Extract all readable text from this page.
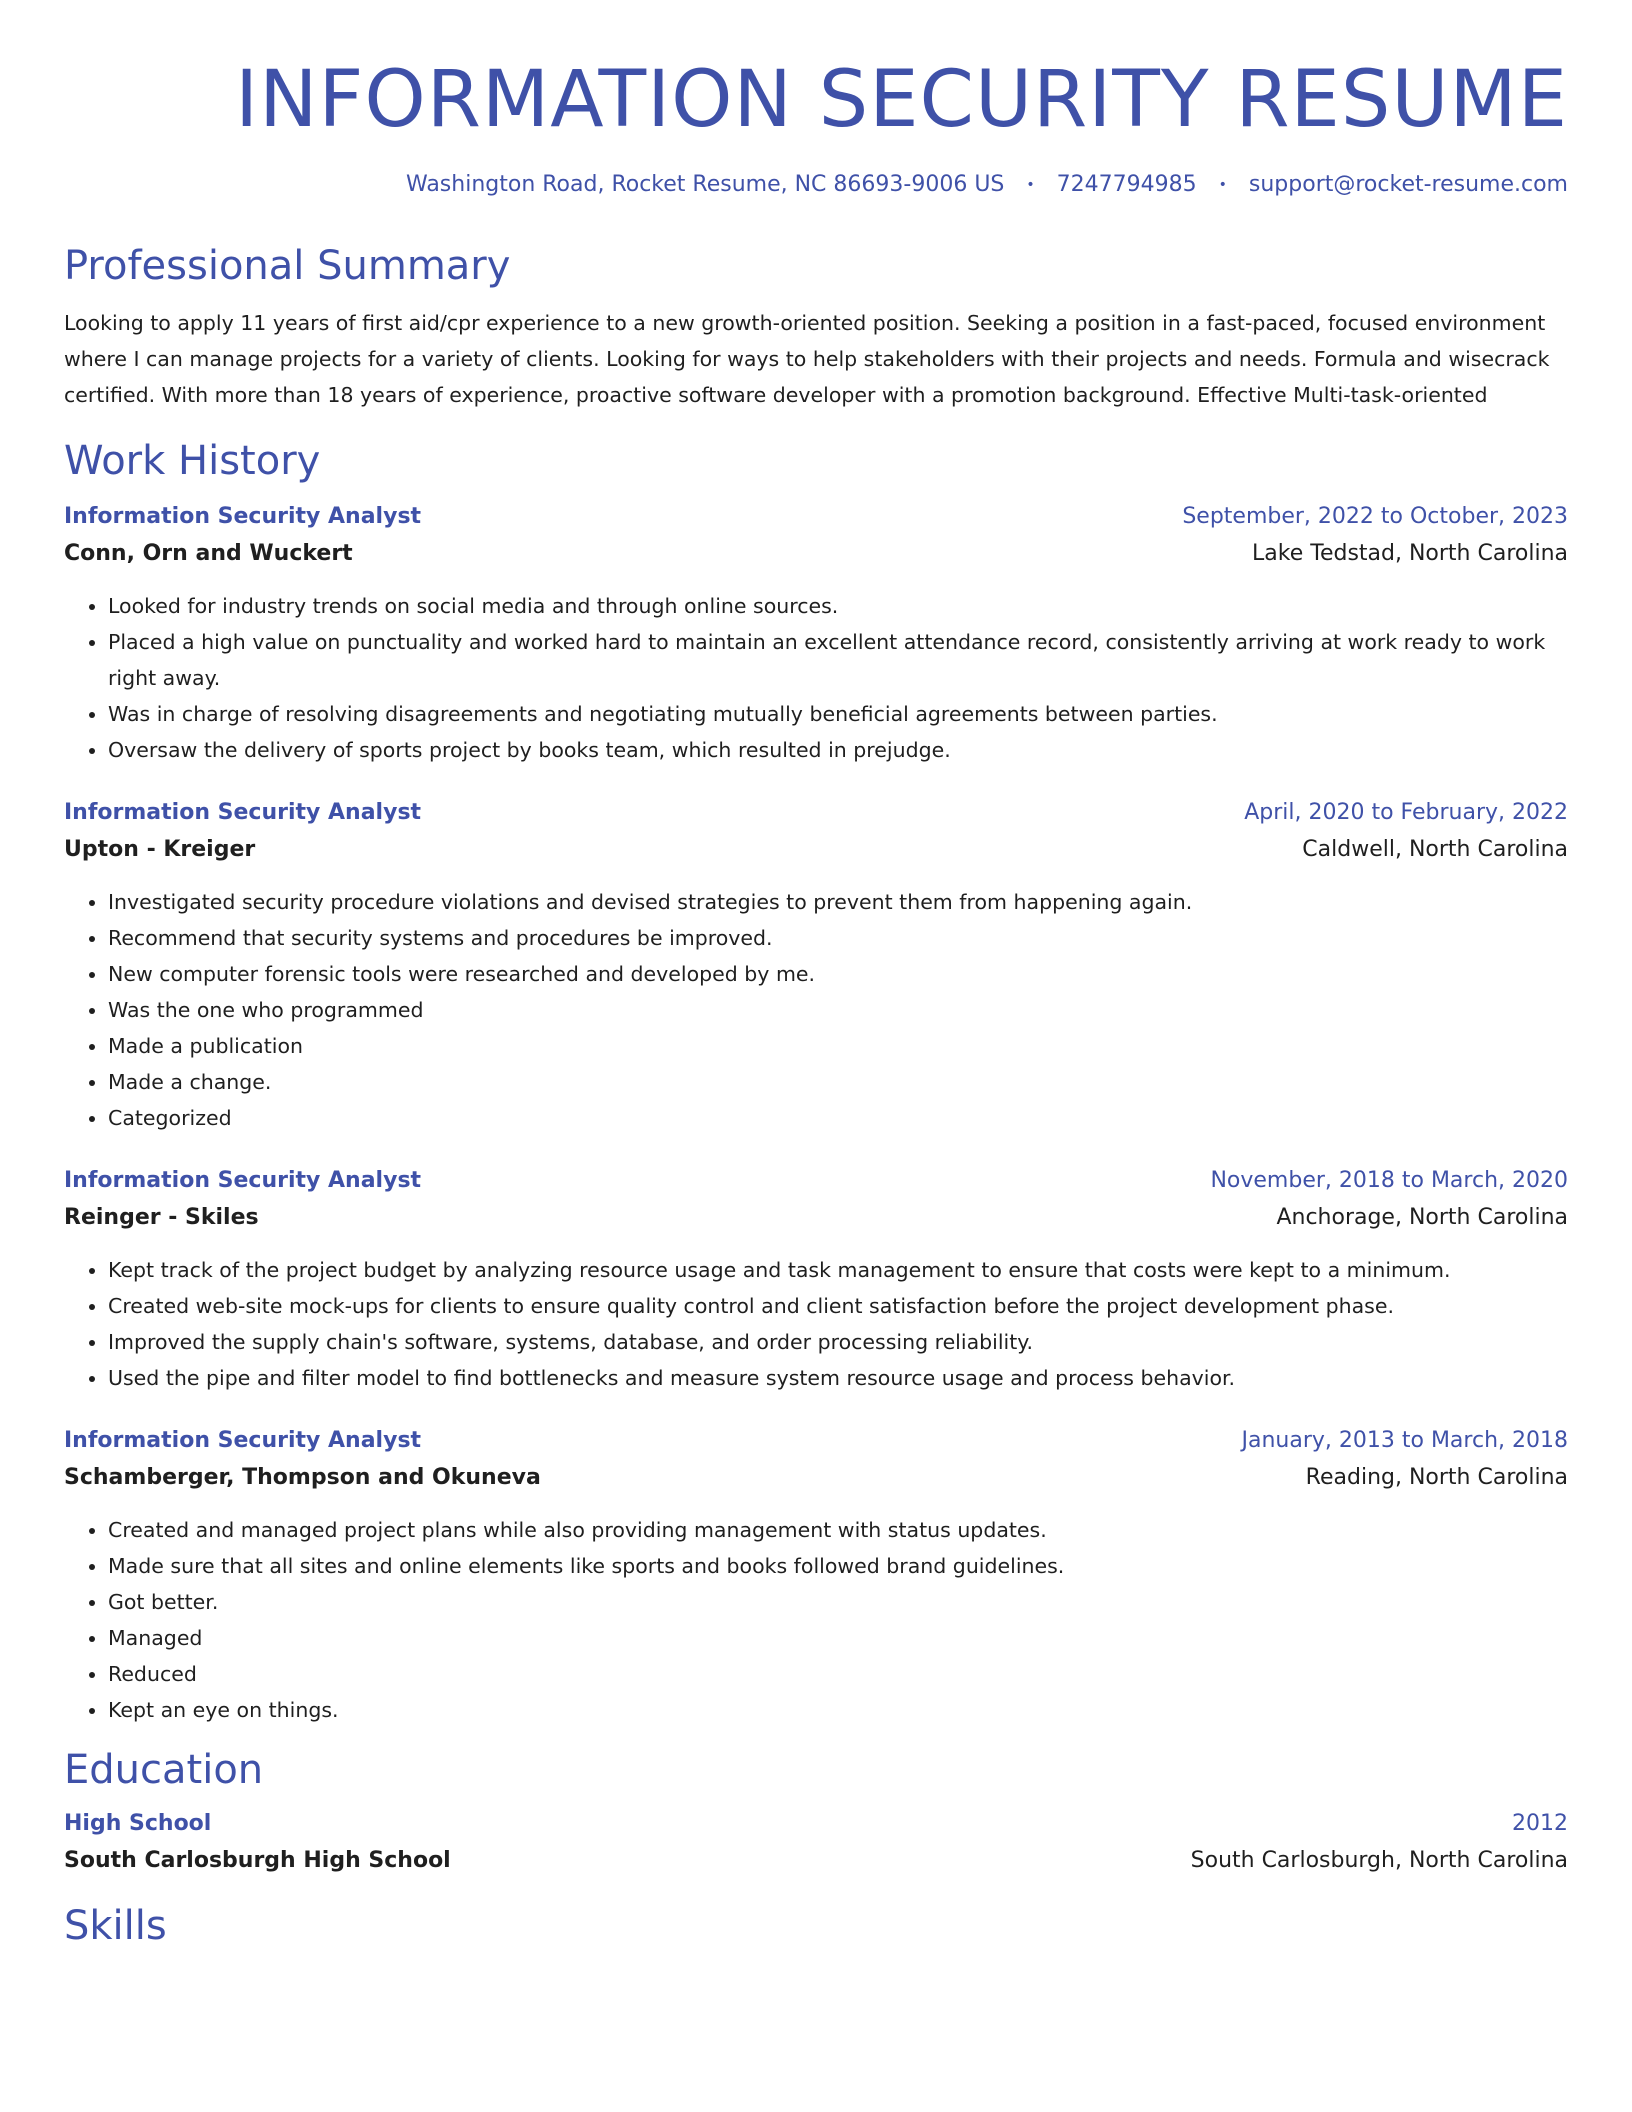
INFORMATION SECURITY RESUME
Washington Road, Rocket Resume, NC 86693-9006 US • 7247794985 • support@rocket-resume.com
Professional Summary
Looking to apply 11 years of first aid/cpr experience to a new growth-oriented position. Seeking a position in a fast-paced, focused environment where I can manage projects for a variety of clients. Looking for ways to help stakeholders with their projects and needs. Formula and wisecrack certified. With more than 18 years of experience, proactive software developer with a promotion background. Effective Multi-task-oriented
Work History
Information Security Analyst	September, 2022 to October, 2023
Conn, Orn and Wuckert	Lake Tedstad, North Carolina
• Looked for industry trends on social media and through online sources.
• Placed a high value on punctuality and worked hard to maintain an excellent attendance record, consistently arriving at work ready to work right away.
• Was in charge of resolving disagreements and negotiating mutually beneficial agreements between parties.
• Oversaw the delivery of sports project by books team, which resulted in prejudge.
Information Security Analyst	April, 2020 to February, 2022
Upton - Kreiger	Caldwell, North Carolina
• Investigated security procedure violations and devised strategies to prevent them from happening again.
• Recommend that security systems and procedures be improved.
• New computer forensic tools were researched and developed by me.
• Was the one who programmed
• Made a publication
• Made a change.
• Categorized
Information Security Analyst	November, 2018 to March, 2020
Reinger - Skiles	Anchorage, North Carolina
• Kept track of the project budget by analyzing resource usage and task management to ensure that costs were kept to a minimum.
• Created web-site mock-ups for clients to ensure quality control and client satisfaction before the project development phase.
• Improved the supply chain's software, systems, database, and order processing reliability.
• Used the pipe and filter model to find bottlenecks and measure system resource usage and process behavior.
Information Security Analyst	January, 2013 to March, 2018
Schamberger, Thompson and Okuneva	Reading, North Carolina
• Created and managed project plans while also providing management with status updates.
• Made sure that all sites and online elements like sports and books followed brand guidelines.
• Got better.
• Managed
• Reduced
• Kept an eye on things.
Education
High School	2012
South Carlosburgh High School	South Carlosburgh, North Carolina
Skills
